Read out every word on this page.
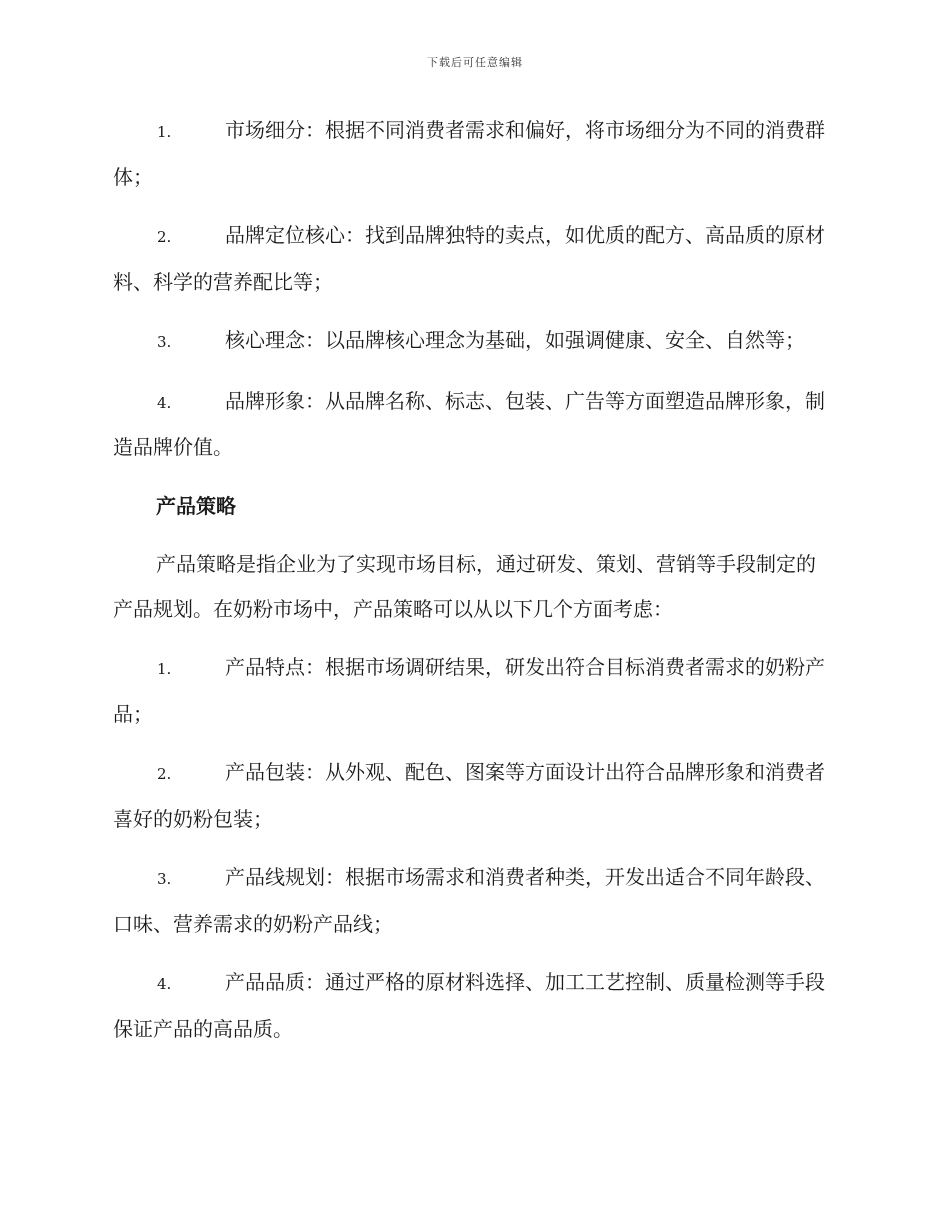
下载后可任意编辑
1.	市场细分：根据不同消费者需求和偏好，将市场细分为不同的消费群体；
2.	品牌定位核心：找到品牌独特的卖点，如优质的配方、高品质的原材料、科学的营养配比等；
3.	核心理念：以品牌核心理念为基础，如强调健康、安全、自然等；
4.	品牌形象：从品牌名称、标志、包装、广告等方面塑造品牌形象，制造品牌价值。
产品策略
产品策略是指企业为了实现市场目标，通过研发、策划、营销等手段制定的产品规划。在奶粉市场中，产品策略可以从以下几个方面考虑：
1.	产品特点：根据市场调研结果，研发出符合目标消费者需求的奶粉产品；
2.	产品包装：从外观、配色、图案等方面设计出符合品牌形象和消费者喜好的奶粉包装；
3.	产品线规划：根据市场需求和消费者种类，开发出适合不同年龄段、口味、营养需求的奶粉产品线；
4.	产品品质：通过严格的原材料选择、加工工艺控制、质量检测等手段保证产品的高品质。
